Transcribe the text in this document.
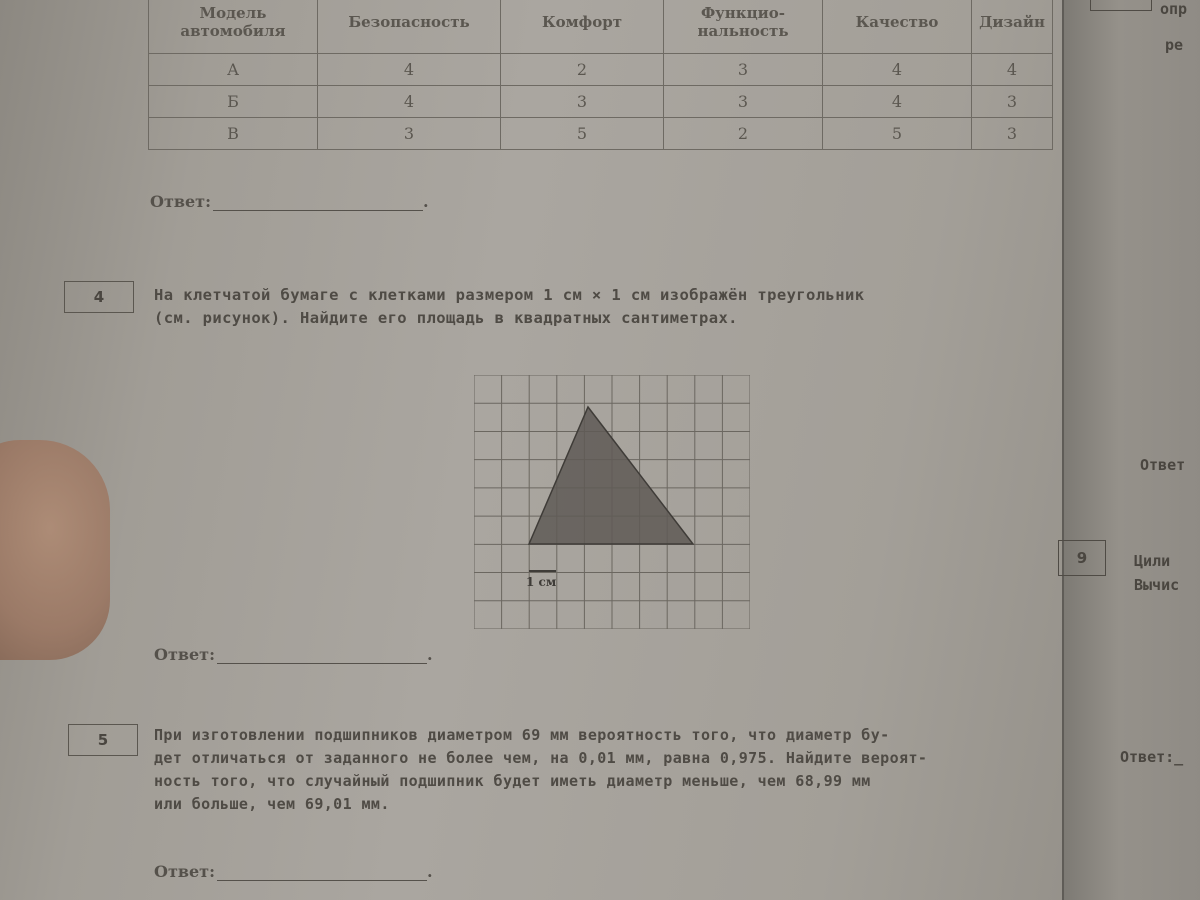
Модель автомобиля	Безопасность	Комфорт	Функцио-нальность	Качество	Дизайн
А	4	2	3	4	4
Б	4	3	3	4	3
В	3	5	2	5	3
Ответ:	.
4	На клетчатой бумаге с клетками размером 1 см × 1 см изображён треугольник
(см. рисунок). Найдите его площадь в квадратных сантиметрах.
1 см
Ответ:	.
5	При изготовлении подшипников диаметром 69 мм вероятность того, что диаметр бу-
дет отличаться от заданного не более чем, на 0,01 мм, равна 0,975. Найдите вероят-
ность того, что случайный подшипник будет иметь диаметр меньше, чем 68,99 мм
или больше, чем 69,01 мм.
Ответ:	.
опр
ре
Ответ
9	Цили
Вычис
Ответ:_
